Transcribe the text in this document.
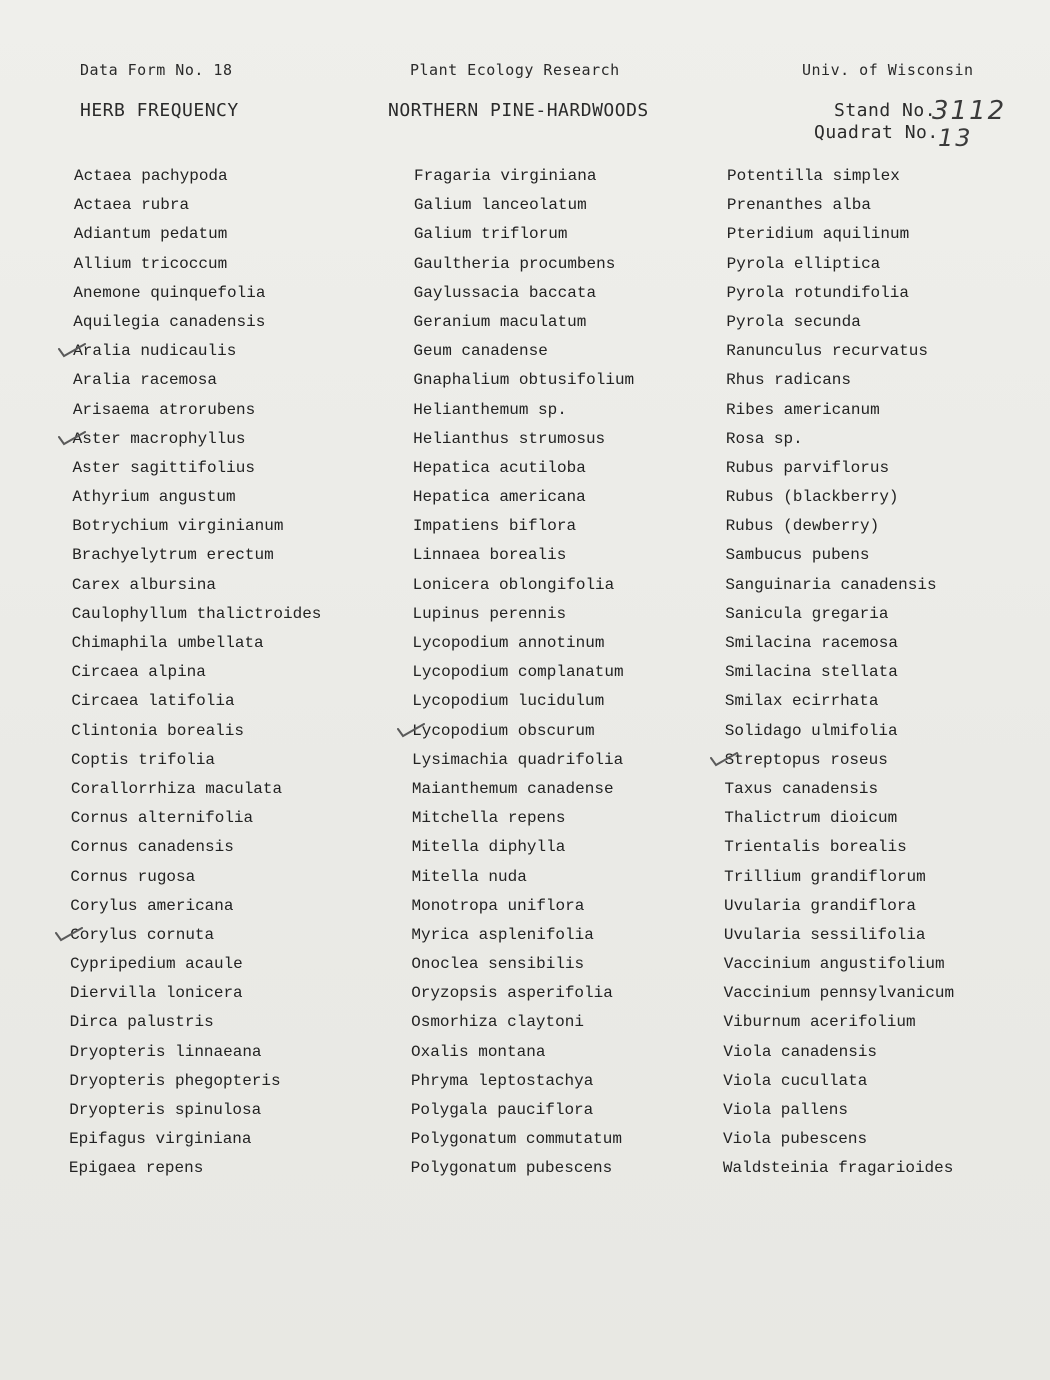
Data Form No. 18	Plant Ecology Research	Univ. of Wisconsin
HERB FREQUENCY	NORTHERN PINE-HARDWOODS	Stand No.
3112
Quadrat No. 13
Actaea pachypoda
Actaea rubra
Adiantum pedatum
Allium tricoccum
Anemone quinquefolia
Aquilegia canadensis
Aralia nudicaulis
Aralia racemosa
Arisaema atrorubens
Aster macrophyllus
Aster sagittifolius
Athyrium angustum
Botrychium virginianum
Brachyelytrum erectum
Carex albursina
Caulophyllum thalictroides
Chimaphila umbellata
Circaea alpina
Circaea latifolia
Clintonia borealis
Coptis trifolia
Corallorrhiza maculata
Cornus alternifolia
Cornus canadensis
Cornus rugosa
Corylus americana
Corylus cornuta
Cypripedium acaule
Diervilla lonicera
Dirca palustris
Dryopteris linnaeana
Dryopteris phegopteris
Dryopteris spinulosa
Epifagus virginiana
Epigaea repens
Fragaria virginiana
Galium lanceolatum
Galium triflorum
Gaultheria procumbens
Gaylussacia baccata
Geranium maculatum
Geum canadense
Gnaphalium obtusifolium
Helianthemum sp.
Helianthus strumosus
Hepatica acutiloba
Hepatica americana
Impatiens biflora
Linnaea borealis
Lonicera oblongifolia
Lupinus perennis
Lycopodium annotinum
Lycopodium complanatum
Lycopodium lucidulum
Lycopodium obscurum
Lysimachia quadrifolia
Maianthemum canadense
Mitchella repens
Mitella diphylla
Mitella nuda
Monotropa uniflora
Myrica asplenifolia
Onoclea sensibilis
Oryzopsis asperifolia
Osmorhiza claytoni
Oxalis montana
Phryma leptostachya
Polygala pauciflora
Polygonatum commutatum
Polygonatum pubescens
Potentilla simplex
Prenanthes alba
Pteridium aquilinum
Pyrola elliptica
Pyrola rotundifolia
Pyrola secunda
Ranunculus recurvatus
Rhus radicans
Ribes americanum
Rosa sp.
Rubus parviflorus
Rubus (blackberry)
Rubus (dewberry)
Sambucus pubens
Sanguinaria canadensis
Sanicula gregaria
Smilacina racemosa
Smilacina stellata
Smilax ecirrhata
Solidago ulmifolia
Streptopus roseus
Taxus canadensis
Thalictrum dioicum
Trientalis borealis
Trillium grandiflorum
Uvularia grandiflora
Uvularia sessilifolia
Vaccinium angustifolium
Vaccinium pennsylvanicum
Viburnum acerifolium
Viola canadensis
Viola cucullata
Viola pallens
Viola pubescens
Waldsteinia fragarioides
